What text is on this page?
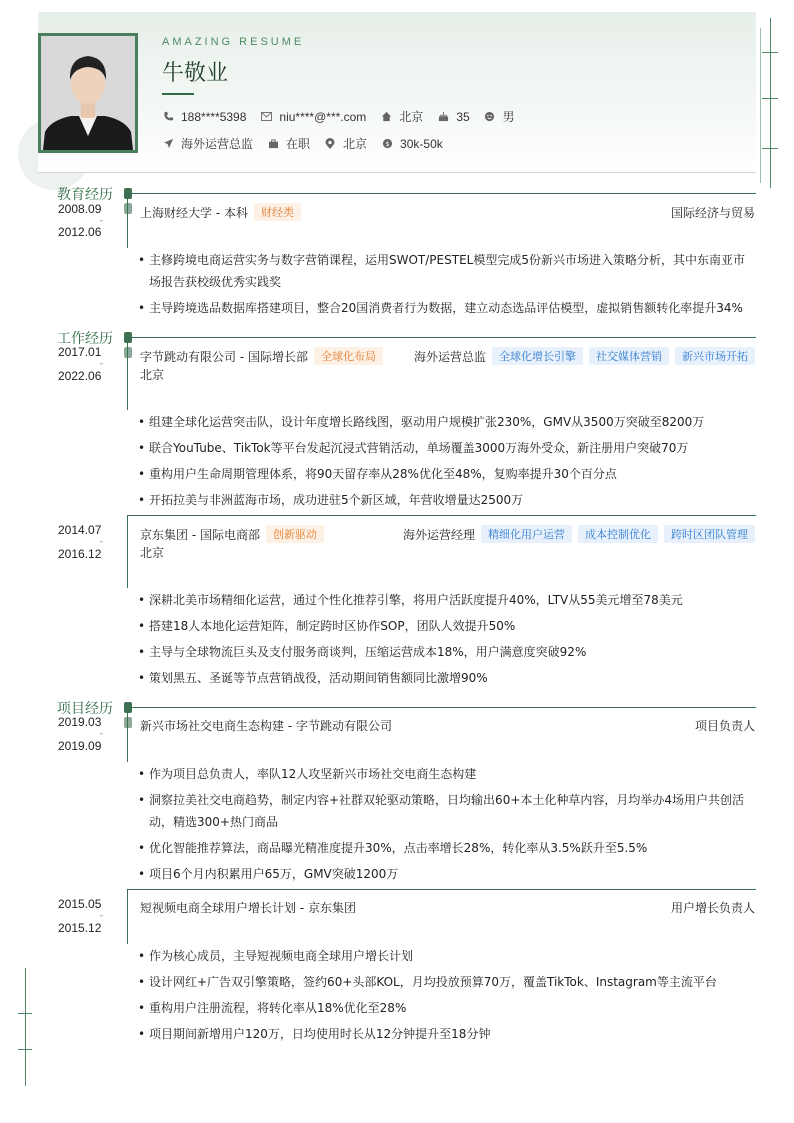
AMAZING RESUME
牛敬业
188****5398	niu****@***.com	北京	35	男
海外运营总监	在职	北京	$ 30k-50k
教育经历
2008.09
-
2012.06
上海财经大学 - 本科	财经类	国际经济与贸易
• 主修跨境电商运营实务与数字营销课程，运用SWOT/PESTEL模型完成5份新兴市场进入策略分析，其中东南亚市场报告获校级优秀实践奖
• 主导跨境选品数据库搭建项目，整合20国消费者行为数据，建立动态选品评估模型，虚拟销售额转化率提升34%
工作经历
2017.01
-
2022.06
字节跳动有限公司 - 国际增长部	全球化布局	海外运营总监	全球化增长引擎	社交媒体营销	新兴市场开拓
北京
• 组建全球化运营突击队，设计年度增长路线图，驱动用户规模扩张230%，GMV从3500万突破至8200万
• 联合YouTube、TikTok等平台发起沉浸式营销活动，单场覆盖3000万海外受众，新注册用户突破70万
• 重构用户生命周期管理体系，将90天留存率从28%优化至48%，复购率提升30个百分点
• 开拓拉美与非洲蓝海市场，成功进驻5个新区域，年营收增量达2500万
2014.07
-
2016.12
京东集团 - 国际电商部	创新驱动	海外运营经理	精细化用户运营	成本控制优化	跨时区团队管理
北京
• 深耕北美市场精细化运营，通过个性化推荐引擎，将用户活跃度提升40%，LTV从55美元增至78美元
• 搭建18人本地化运营矩阵，制定跨时区协作SOP，团队人效提升50%
• 主导与全球物流巨头及支付服务商谈判，压缩运营成本18%，用户满意度突破92%
• 策划黑五、圣诞等节点营销战役，活动期间销售额同比激增90%
项目经历
2019.03
-
2019.09
新兴市场社交电商生态构建 - 字节跳动有限公司	项目负责人
• 作为项目总负责人，率队12人攻坚新兴市场社交电商生态构建
• 洞察拉美社交电商趋势，制定内容+社群双轮驱动策略，日均输出60+本土化种草内容，月均举办4场用户共创活动，精选300+热门商品
• 优化智能推荐算法，商品曝光精准度提升30%，点击率增长28%，转化率从3.5%跃升至5.5%
• 项目6个月内积累用户65万，GMV突破1200万
2015.05
-
2015.12
短视频电商全球用户增长计划 - 京东集团	用户增长负责人
• 作为核心成员，主导短视频电商全球用户增长计划
• 设计网红+广告双引擎策略，签约60+头部KOL，月均投放预算70万，覆盖TikTok、Instagram等主流平台
• 重构用户注册流程，将转化率从18%优化至28%
• 项目期间新增用户120万，日均使用时长从12分钟提升至18分钟
